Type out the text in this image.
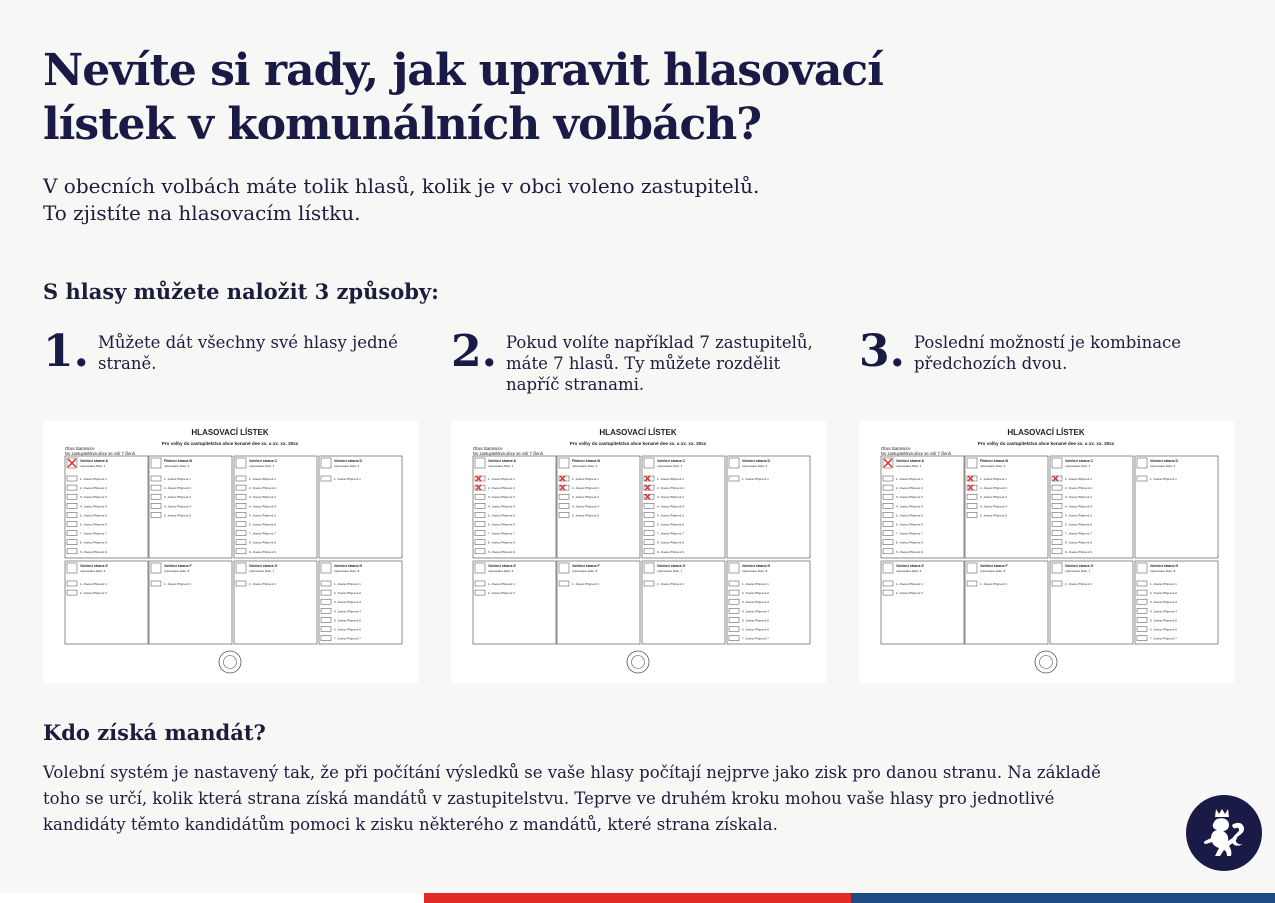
Nevíte si rady, jak upravit hlasovací lístek v komunálních volbách?
V obecních volbách máte tolik hlasů, kolik je v obci voleno zastupitelů.
To zjistíte na hlasovacím lístku.
S hlasy můžete naložit 3 způsoby:
1. Můžete dát všechny své hlasy jedné straně.	2. Pokud volíte například 7 zastupitelů, máte 7 hlasů. Ty můžete rozdělit napříč stranami.
3. Poslední možností je kombinace předchozích dvou.
HLASOVACÍ LÍSTEK
Pro volby do zastupitelstva obce konané dne xx. a xx. xx. 20xx
Obec Batosnice
Do zastupitelstva obce se volí 7 členů
Volební strana A
vylosované číslo: 1
1. Jméno Příjmení 1
2. Jméno Příjmení 2
3. Jméno Příjmení 3
4. Jméno Příjmení 4
5. Jméno Příjmení 5
6. Jméno Příjmení 6
7. Jméno Příjmení 7
8. Jméno Příjmení 8
9. Jméno Příjmení 9
Fiktivní strana B
vylosované číslo: 2
1. Jméno Příjmení 1
2. Jméno Příjmení 2
3. Jméno Příjmení 3
4. Jméno Příjmení 4
5. Jméno Příjmení 5
Volební strana C
vylosované číslo: 3
1. Jméno Příjmení 1
2. Jméno Příjmení 2
3. Jméno Příjmení 3
4. Jméno Příjmení 4
5. Jméno Příjmení 5
6. Jméno Příjmení 6
7. Jméno Příjmení 7
8. Jméno Příjmení 8
9. Jméno Příjmení 9
Volební strana D
vylosované číslo: 4
1. Jméno Příjmení 1
Volební strana E
vylosované číslo: 5
1. Jméno Příjmení 1
2. Jméno Příjmení 2
Volební strana F
vylosované číslo: 6
1. Jméno Příjmení 1
Volební strana G
vylosované číslo: 7
1. Jméno Příjmení 1
Volební strana H
vylosované číslo: 8
1. Jméno Příjmení 1
2. Jméno Příjmení 2
3. Jméno Příjmení 3
4. Jméno Příjmení 4
5. Jméno Příjmení 5
6. Jméno Příjmení 6
7. Jméno Příjmení 7
HLASOVACÍ LÍSTEK
Pro volby do zastupitelstva obce konané dne xx. a xx. xx. 20xx
Obec Batosnice
Do zastupitelstva obce se volí 7 členů
Volební strana A
vylosované číslo: 1
1. Jméno Příjmení 1
2. Jméno Příjmení 2
3. Jméno Příjmení 3
4. Jméno Příjmení 4
5. Jméno Příjmení 5
6. Jméno Příjmení 6
7. Jméno Příjmení 7
8. Jméno Příjmení 8
9. Jméno Příjmení 9
Fiktivní strana B
vylosované číslo: 2
1. Jméno Příjmení 1
2. Jméno Příjmení 2
3. Jméno Příjmení 3
4. Jméno Příjmení 4
5. Jméno Příjmení 5
Volební strana C
vylosované číslo: 3
1. Jméno Příjmení 1
2. Jméno Příjmení 2
3. Jméno Příjmení 3
4. Jméno Příjmení 4
5. Jméno Příjmení 5
6. Jméno Příjmení 6
7. Jméno Příjmení 7
8. Jméno Příjmení 8
9. Jméno Příjmení 9
Volební strana D
vylosované číslo: 4
1. Jméno Příjmení 1
Volební strana E
vylosované číslo: 5
1. Jméno Příjmení 1
2. Jméno Příjmení 2
Volební strana F
vylosované číslo: 6
1. Jméno Příjmení 1
Volební strana G
vylosované číslo: 7
1. Jméno Příjmení 1
Volební strana H
vylosované číslo: 8
1. Jméno Příjmení 1
2. Jméno Příjmení 2
3. Jméno Příjmení 3
4. Jméno Příjmení 4
5. Jméno Příjmení 5
6. Jméno Příjmení 6
7. Jméno Příjmení 7
HLASOVACÍ LÍSTEK
Pro volby do zastupitelstva obce konané dne xx. a xx. xx. 20xx
Obec Batosnice
Do zastupitelstva obce se volí 7 členů
Volební strana A
vylosované číslo: 1
1. Jméno Příjmení 1
2. Jméno Příjmení 2
3. Jméno Příjmení 3
4. Jméno Příjmení 4
5. Jméno Příjmení 5
6. Jméno Příjmení 6
7. Jméno Příjmení 7
8. Jméno Příjmení 8
9. Jméno Příjmení 9
Fiktivní strana B
vylosované číslo: 2
1. Jméno Příjmení 1
2. Jméno Příjmení 2
3. Jméno Příjmení 3
4. Jméno Příjmení 4
5. Jméno Příjmení 5
Volební strana C
vylosované číslo: 3
1. Jméno Příjmení 1
2. Jméno Příjmení 2
3. Jméno Příjmení 3
4. Jméno Příjmení 4
5. Jméno Příjmení 5
6. Jméno Příjmení 6
7. Jméno Příjmení 7
8. Jméno Příjmení 8
9. Jméno Příjmení 9
Volební strana D
vylosované číslo: 4
1. Jméno Příjmení 1
Volební strana E
vylosované číslo: 5
1. Jméno Příjmení 1
2. Jméno Příjmení 2
Volební strana F
vylosované číslo: 6
1. Jméno Příjmení 1
Volební strana G
vylosované číslo: 7
1. Jméno Příjmení 1
Volební strana H
vylosované číslo: 8
1. Jméno Příjmení 1
2. Jméno Příjmení 2
3. Jméno Příjmení 3
4. Jméno Příjmení 4
5. Jméno Příjmení 5
6. Jméno Příjmení 6
7. Jméno Příjmení 7
Kdo získá mandát?
Volební systém je nastavený tak, že při počítání výsledků se vaše hlasy počítají nejprve jako zisk pro danou stranu. Na základě toho se určí, kolik která strana získá mandátů v zastupitelstvu. Teprve ve druhém kroku mohou vaše hlasy pro jednotlivé kandidáty těmto kandidátům pomoci k zisku některého z mandátů, které strana získala.
